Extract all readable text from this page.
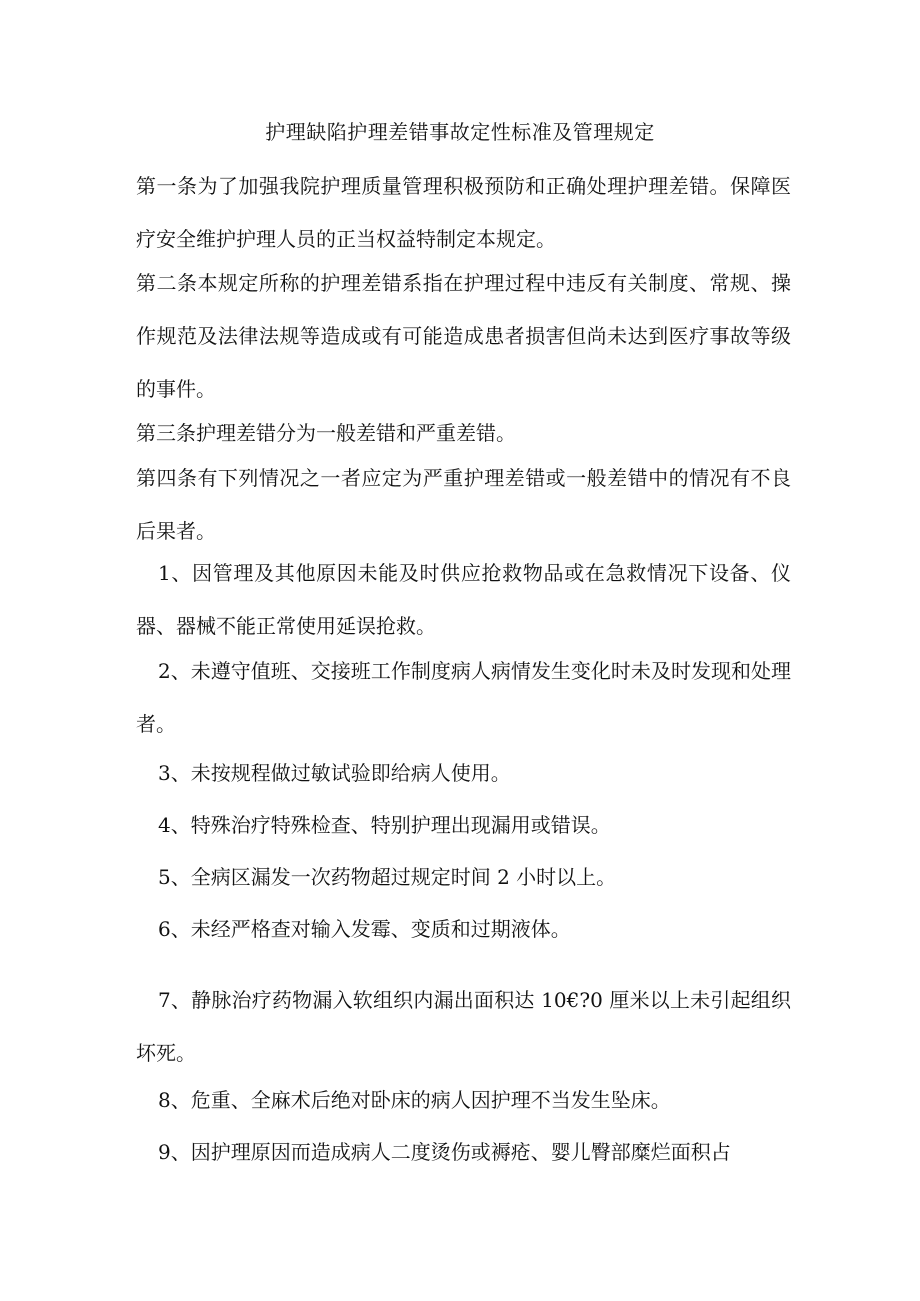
护理缺陷护理差错事故定性标准及管理规定

第一条为了加强我院护理质量管理积极预防和正确处理护理差错。保障医疗安全维护护理人员的正当权益特制定本规定。

第二条本规定所称的护理差错系指在护理过程中违反有关制度、常规、操作规范及法律法规等造成或有可能造成患者损害但尚未达到医疗事故等级的事件。

第三条护理差错分为一般差错和严重差错。

第四条有下列情况之一者应定为严重护理差错或一般差错中的情况有不良后果者。

1、因管理及其他原因未能及时供应抢救物品或在急救情况下设备、仪器、器械不能正常使用延误抢救。

2、未遵守值班、交接班工作制度病人病情发生变化时未及时发现和处理者。

3、未按规程做过敏试验即给病人使用。

4、特殊治疗特殊检查、特别护理出现漏用或错误。

5、全病区漏发一次药物超过规定时间 2 小时以上。

6、未经严格查对输入发霉、变质和过期液体。

7、静脉治疗药物漏入软组织内漏出面积达 10€?0 厘米以上未引起组织坏死。

8、危重、全麻术后绝对卧床的病人因护理不当发生坠床。

9、因护理原因而造成病人二度烫伤或褥疮、婴儿臀部糜烂面积占
